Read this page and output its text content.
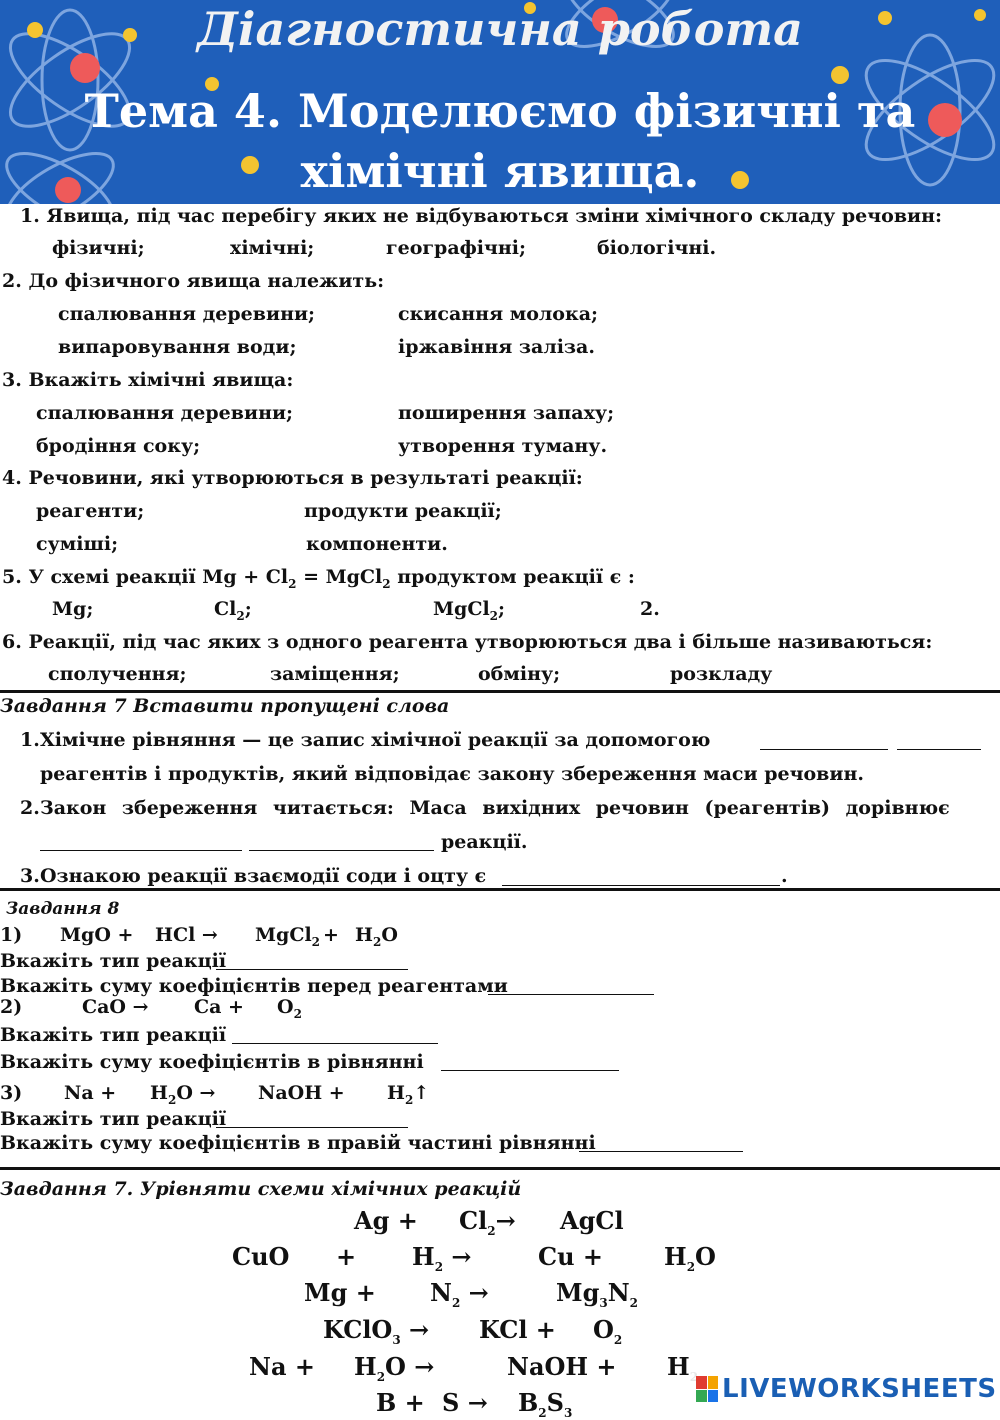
Діагностична робота
Тема 4. Моделюємо фізичні та
хімічні явища.
1. Явища, під час перебігу яких не відбуваються зміни хімічного складу речовин:
фізичні;	хімічні;	географічні;	біологічні.
2. До фізичного явища належить:
спалювання деревини;	скисання молока;
випаровування води;	іржавіння заліза.
3. Вкажіть хімічні явища:
спалювання деревини;	поширення запаху;
бродіння соку;	утворення туману.
4. Речовини, які утворюються в результаті реакції:
реагенти;	продукти реакції;
суміші;	компоненти.
5. У схемі реакції $Mg + Cl_2$ = MgCl$_2$ продуктом реакції є :
Mg;	$Cl_2$;	MgCl$_2$;	2.
6. Реакції, під час яких з одного реагента утворюються два і більше називаються:
сполучення;	заміщення;	обміну;	розкладу
Завдання 7 Вставити пропущені слова
1. Хімічне рівняння — це запис хімічної реакції за допомогою
реагентів і продуктів, який відповідає закону збереження маси речовин.
2. Закон збереження читається: Маса вихідних речовин (реагентів) дорівнює
реакції.
3. Ознакою реакції взаємодії соди і оцту є	.
Завдання 8
1) MgO + HCl → MgCl$_2$ + $H_2O$
Вкажіть тип реакції
Вкажіть суму коефіцієнтів перед реагентами
2)	CaO → $Ca + O_2$
Вкажіть тип реакції
Вкажіть суму коефіцієнтів в рівнянні
3) $Na + H_2O$ → NaOH + $H_2↑$
Вкажіть тип реакції
Вкажіть суму коефіцієнтів в правій частині рівнянні
Завдання 7. Урівняти схеми хімічних реакцій
$Ag + Cl_2\to$ AgCl
CuO + $H_2$ →	Cu +	$H_2O$
$Mg + N_2$ →	$Mg_3N_2$
KClO$_3$ → KCl + $O_2$
$Na + H_2O$ →	NaOH + H
$B + S \to B_2S_3$
LIVEWORKSHEETS
